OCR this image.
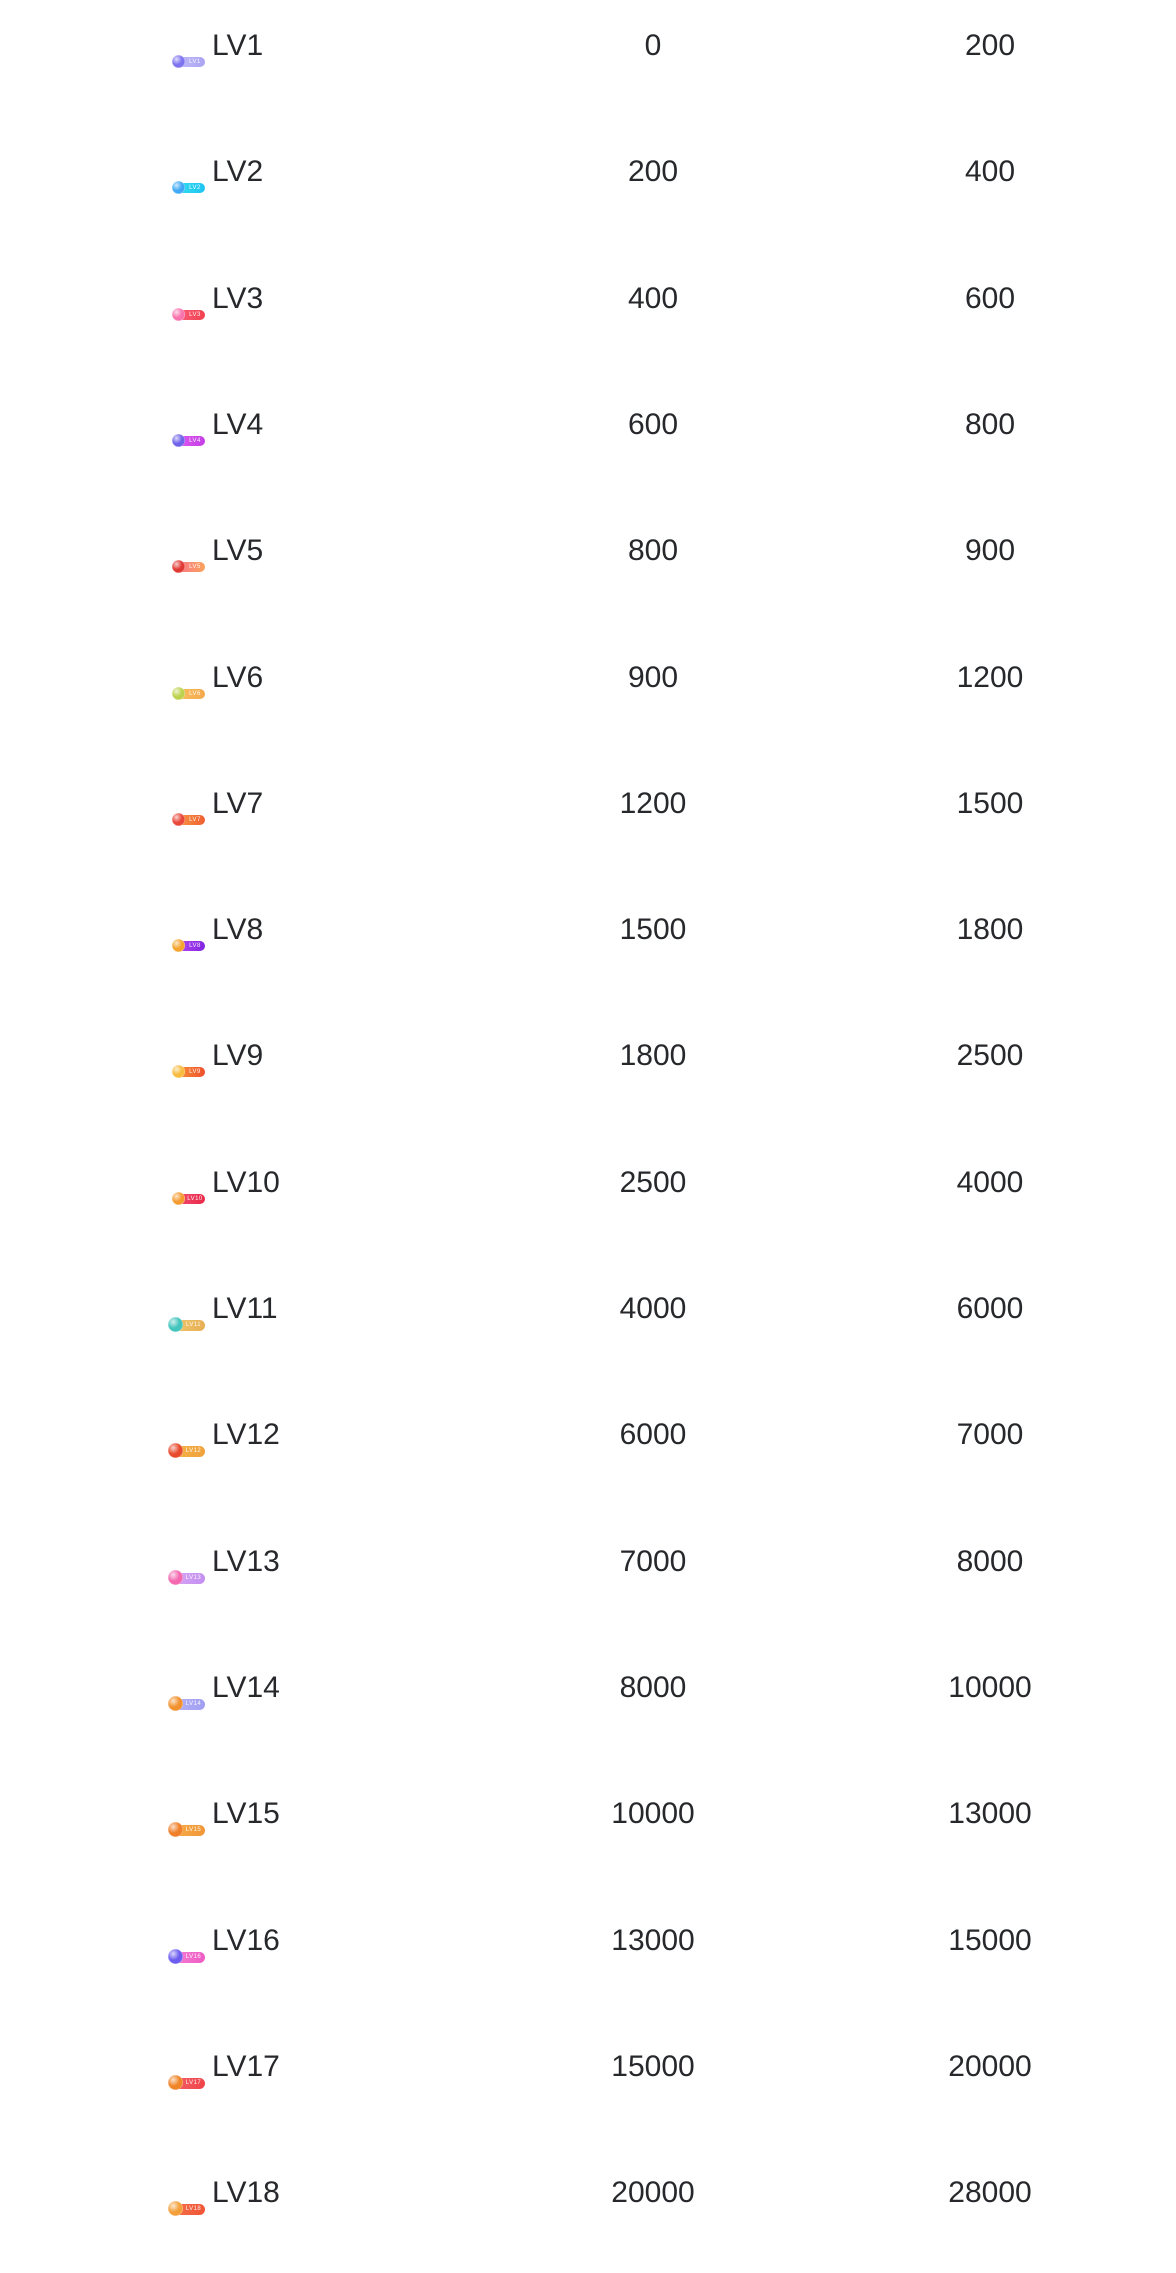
LV1 LV1	0	200
LV2 LV2	200	400
LV3 LV3	400	600
LV4 LV4	600	800
LV5 LV5	800	900
LV6 LV6	900	1200
LV7 LV7	1200	1500
LV8 LV8	1500	1800
LV9 LV9	1800	2500
LV10 LV10	2500	4000
LV11 LV11	4000	6000
LV12 LV12	6000	7000
LV13 LV13	7000	8000
LV14 LV14	8000	10000
LV15 LV15	10000	13000
LV16 LV16	13000	15000
LV17 LV17	15000	20000
LV18 LV18	20000	28000
